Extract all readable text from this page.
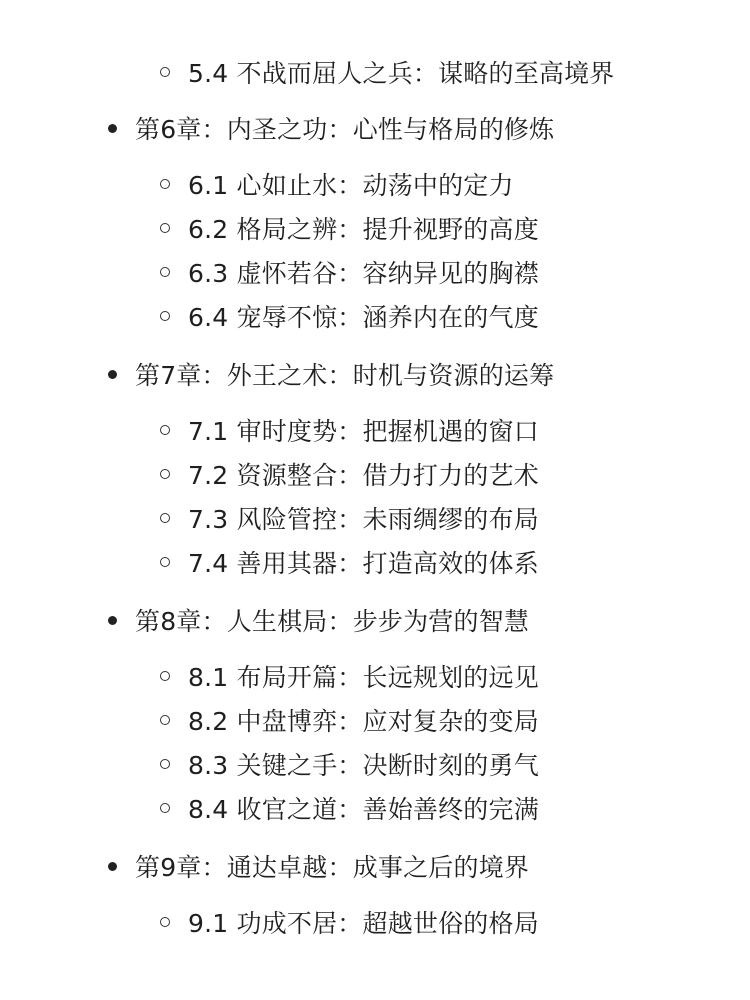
5.4 不战而屈人之兵：谋略的至高境界
第6章：内圣之功：心性与格局的修炼
6.1 心如止水：动荡中的定力
6.2 格局之辨：提升视野的高度
6.3 虚怀若谷：容纳异见的胸襟
6.4 宠辱不惊：涵养内在的气度
第7章：外王之术：时机与资源的运筹
7.1 审时度势：把握机遇的窗口
7.2 资源整合：借力打力的艺术
7.3 风险管控：未雨绸缪的布局
7.4 善用其器：打造高效的体系
第8章：人生棋局：步步为营的智慧
8.1 布局开篇：长远规划的远见
8.2 中盘博弈：应对复杂的变局
8.3 关键之手：决断时刻的勇气
8.4 收官之道：善始善终的完满
第9章：通达卓越：成事之后的境界
9.1 功成不居：超越世俗的格局
